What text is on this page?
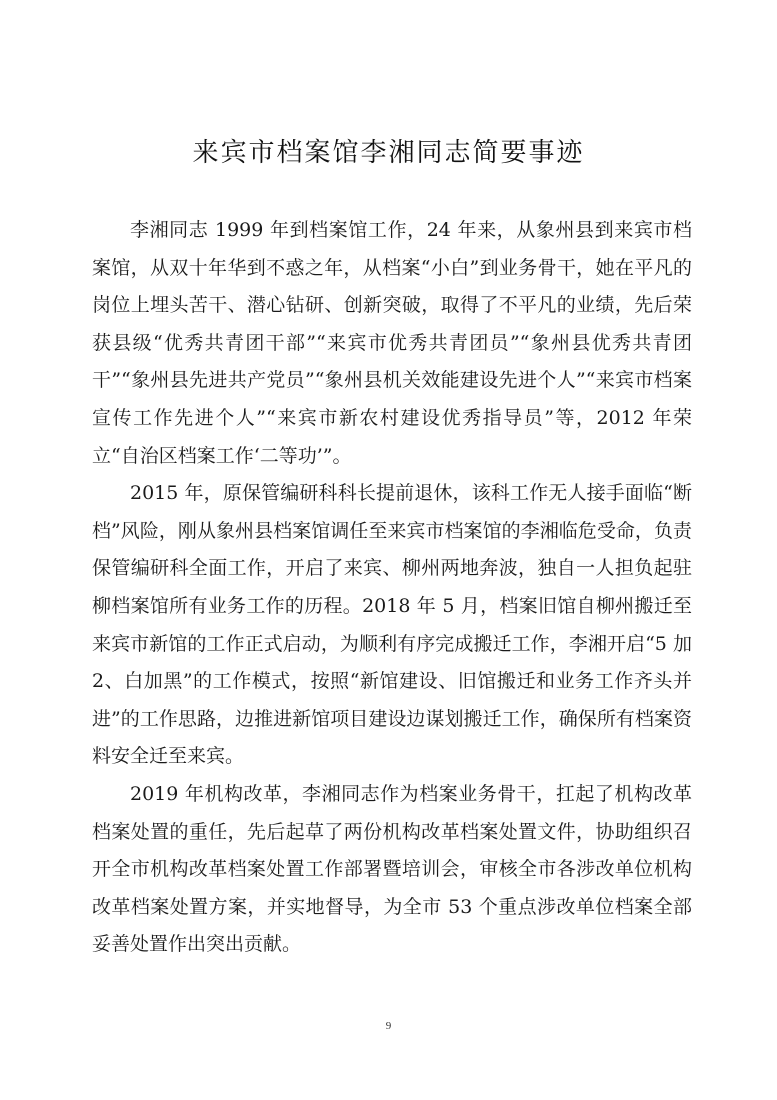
来宾市档案馆李湘同志简要事迹

李湘同志 1999 年到档案馆工作，24 年来，从象州县到来宾市档案馆，从双十年华到不惑之年，从档案“小白”到业务骨干，她在平凡的岗位上埋头苦干、潜心钻研、创新突破，取得了不平凡的业绩，先后荣获县级“优秀共青团干部”“来宾市优秀共青团员”“象州县优秀共青团干”“象州县先进共产党员”“象州县机关效能建设先进个人”“来宾市档案宣传工作先进个人”“来宾市新农村建设优秀指导员”等，2012 年荣立“自治区档案工作‘二等功’”。

2015 年，原保管编研科科长提前退休，该科工作无人接手面临“断档”风险，刚从象州县档案馆调任至来宾市档案馆的李湘临危受命，负责保管编研科全面工作，开启了来宾、柳州两地奔波，独自一人担负起驻柳档案馆所有业务工作的历程。2018 年 5 月，档案旧馆自柳州搬迁至来宾市新馆的工作正式启动，为顺利有序完成搬迁工作，李湘开启“5 加 2、白加黑”的工作模式，按照“新馆建设、旧馆搬迁和业务工作齐头并进”的工作思路，边推进新馆项目建设边谋划搬迁工作，确保所有档案资料安全迁至来宾。

2019 年机构改革，李湘同志作为档案业务骨干，扛起了机构改革档案处置的重任，先后起草了两份机构改革档案处置文件，协助组织召开全市机构改革档案处置工作部署暨培训会，审核全市各涉改单位机构改革档案处置方案，并实地督导，为全市 53 个重点涉改单位档案全部妥善处置作出突出贡献。

9
